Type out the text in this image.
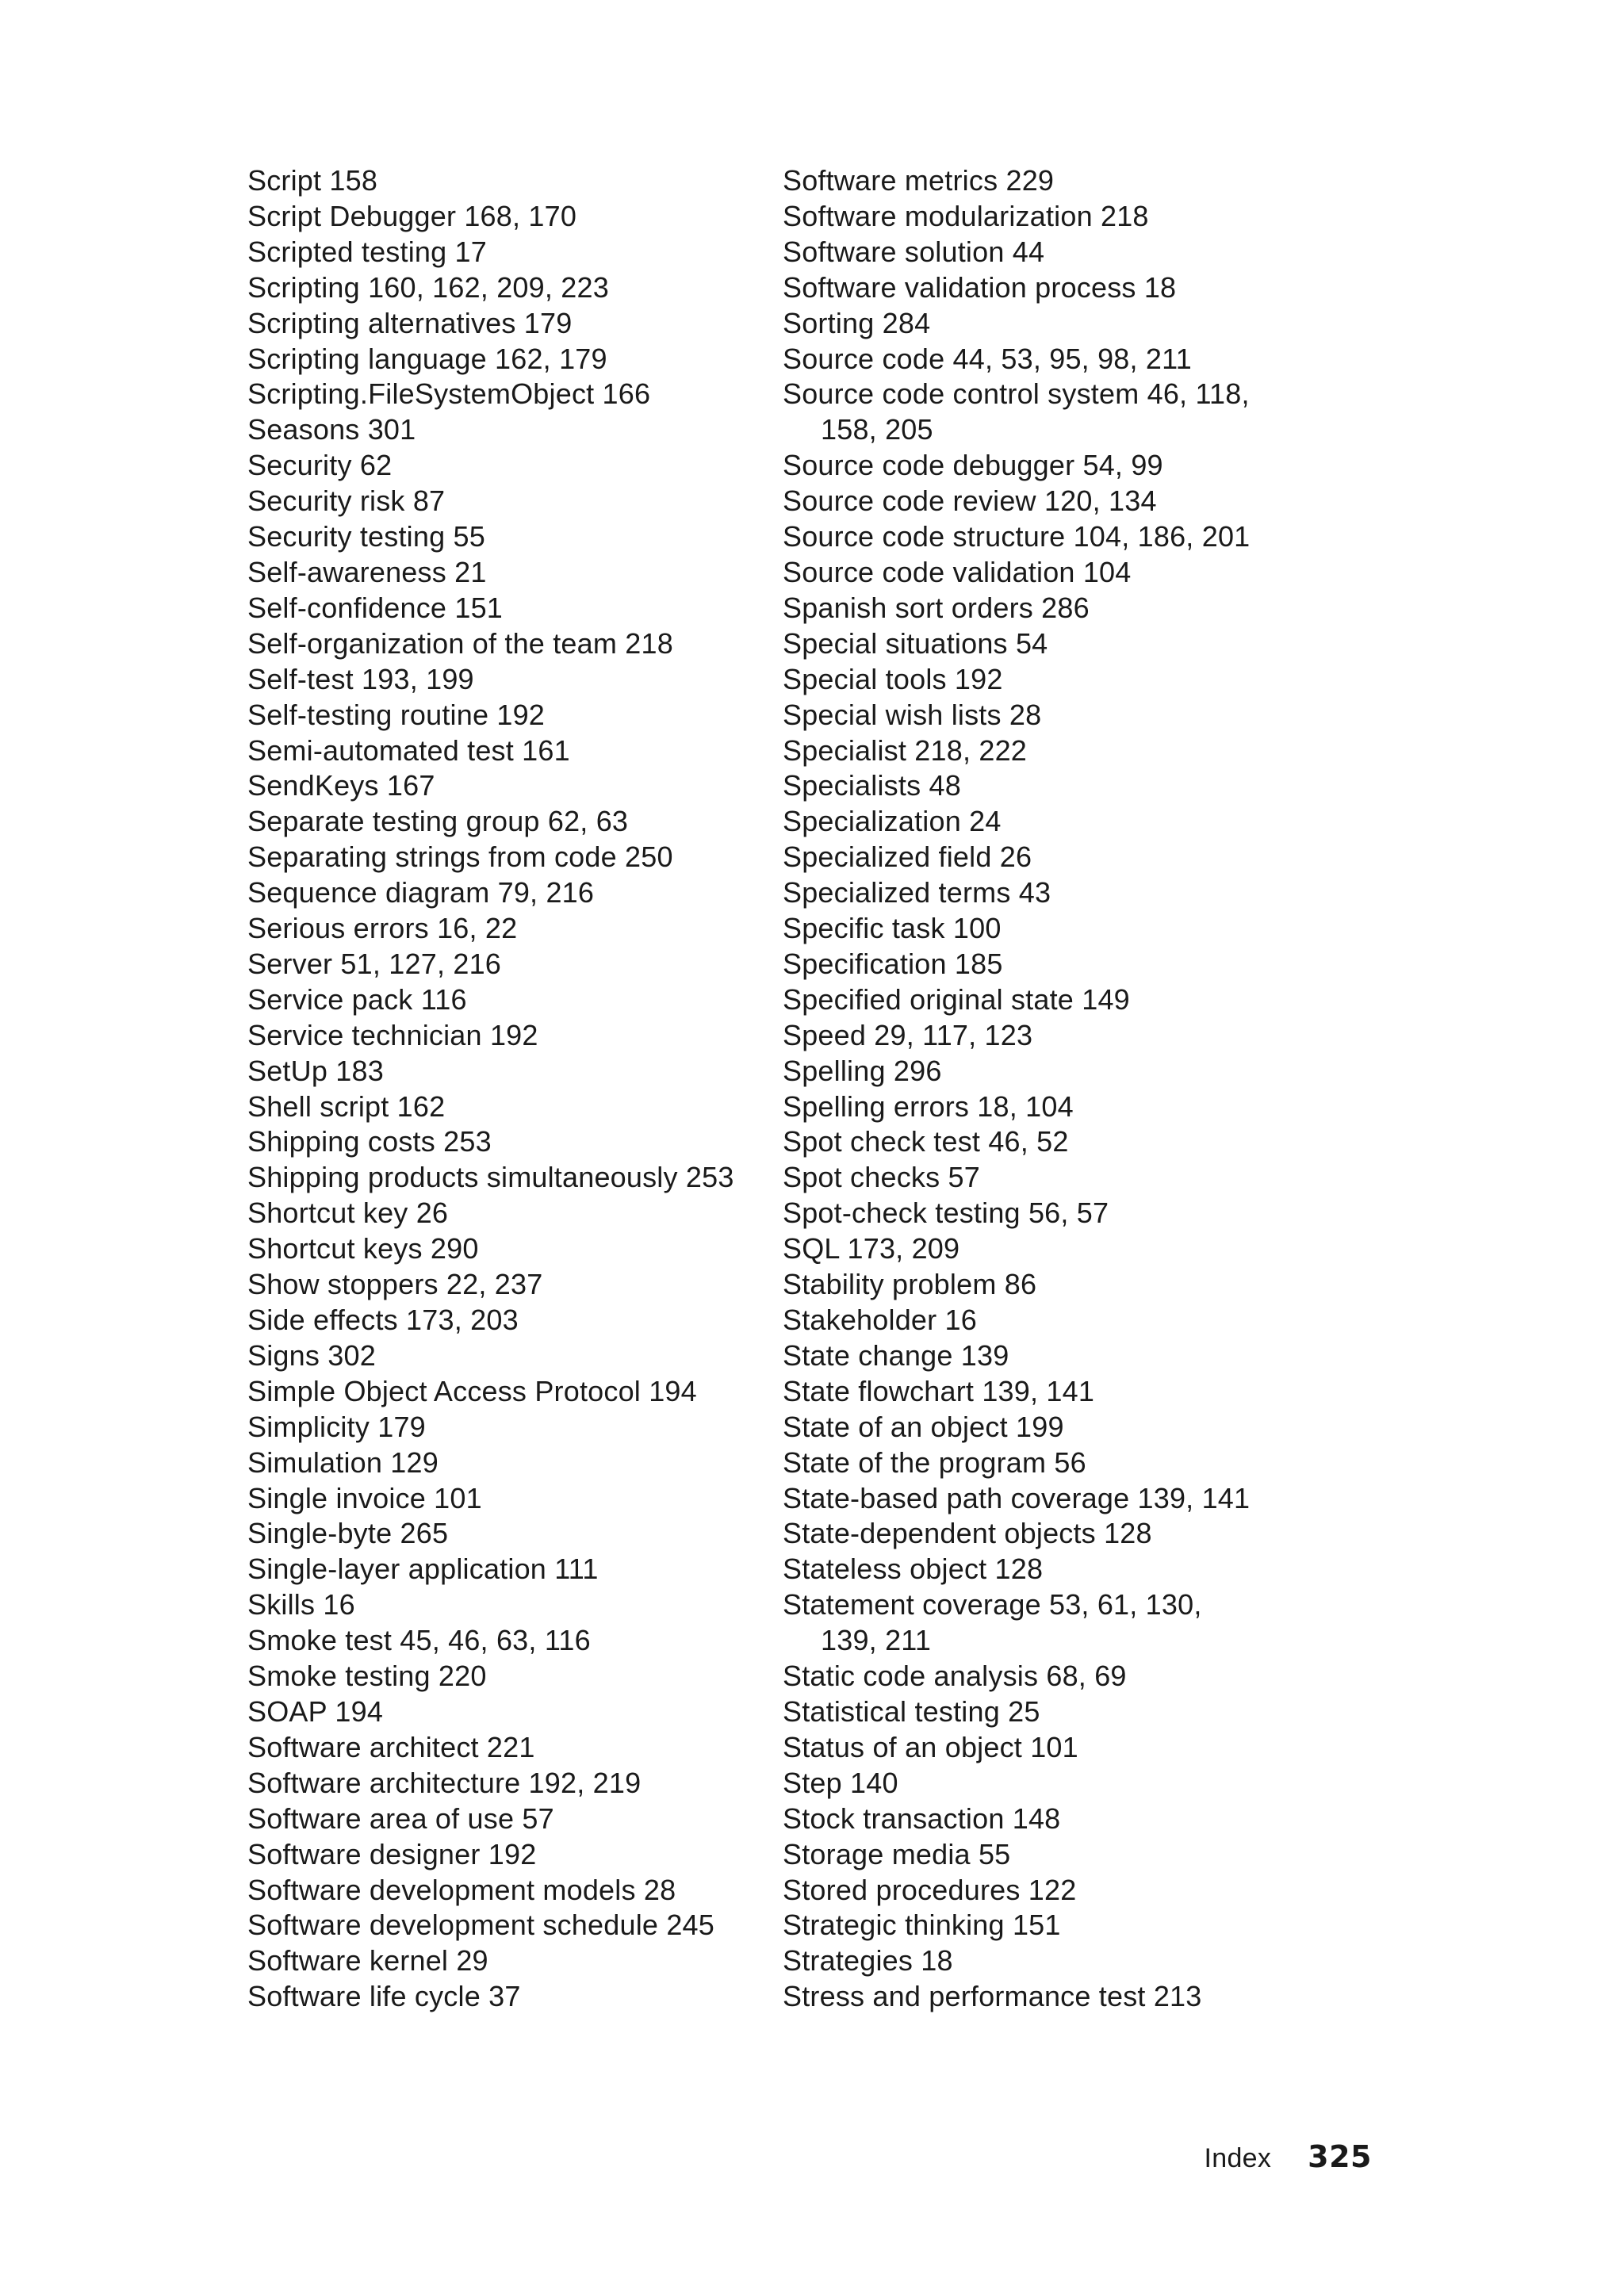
Script 158
Script Debugger 168, 170
Scripted testing 17
Scripting 160, 162, 209, 223
Scripting alternatives 179
Scripting language 162, 179
Scripting.FileSystemObject 166
Seasons 301
Security 62
Security risk 87
Security testing 55
Self-awareness 21
Self-confidence 151
Self-organization of the team 218
Self-test 193, 199
Self-testing routine 192
Semi-automated test 161
SendKeys 167
Separate testing group 62, 63
Separating strings from code 250
Sequence diagram 79, 216
Serious errors 16, 22
Server 51, 127, 216
Service pack 116
Service technician 192
SetUp 183
Shell script 162
Shipping costs 253
Shipping products simultaneously 253
Shortcut key 26
Shortcut keys 290
Show stoppers 22, 237
Side effects 173, 203
Signs 302
Simple Object Access Protocol 194
Simplicity 179
Simulation 129
Single invoice 101
Single-byte 265
Single-layer application 111
Skills 16
Smoke test 45, 46, 63, 116
Smoke testing 220
SOAP 194
Software architect 221
Software architecture 192, 219
Software area of use 57
Software designer 192
Software development models 28
Software development schedule 245
Software kernel 29
Software life cycle 37
Software metrics 229
Software modularization 218
Software solution 44
Software validation process 18
Sorting 284
Source code 44, 53, 95, 98, 211
Source code control system 46, 118,
158, 205
Source code debugger 54, 99
Source code review 120, 134
Source code structure 104, 186, 201
Source code validation 104
Spanish sort orders 286
Special situations 54
Special tools 192
Special wish lists 28
Specialist 218, 222
Specialists 48
Specialization 24
Specialized field 26
Specialized terms 43
Specific task 100
Specification 185
Specified original state 149
Speed 29, 117, 123
Spelling 296
Spelling errors 18, 104
Spot check test 46, 52
Spot checks 57
Spot-check testing 56, 57
SQL 173, 209
Stability problem 86
Stakeholder 16
State change 139
State flowchart 139, 141
State of an object 199
State of the program 56
State-based path coverage 139, 141
State-dependent objects 128
Stateless object 128
Statement coverage 53, 61, 130,
139, 211
Static code analysis 68, 69
Statistical testing 25
Status of an object 101
Step 140
Stock transaction 148
Storage media 55
Stored procedures 122
Strategic thinking 151
Strategies 18
Stress and performance test 213
Index 325
